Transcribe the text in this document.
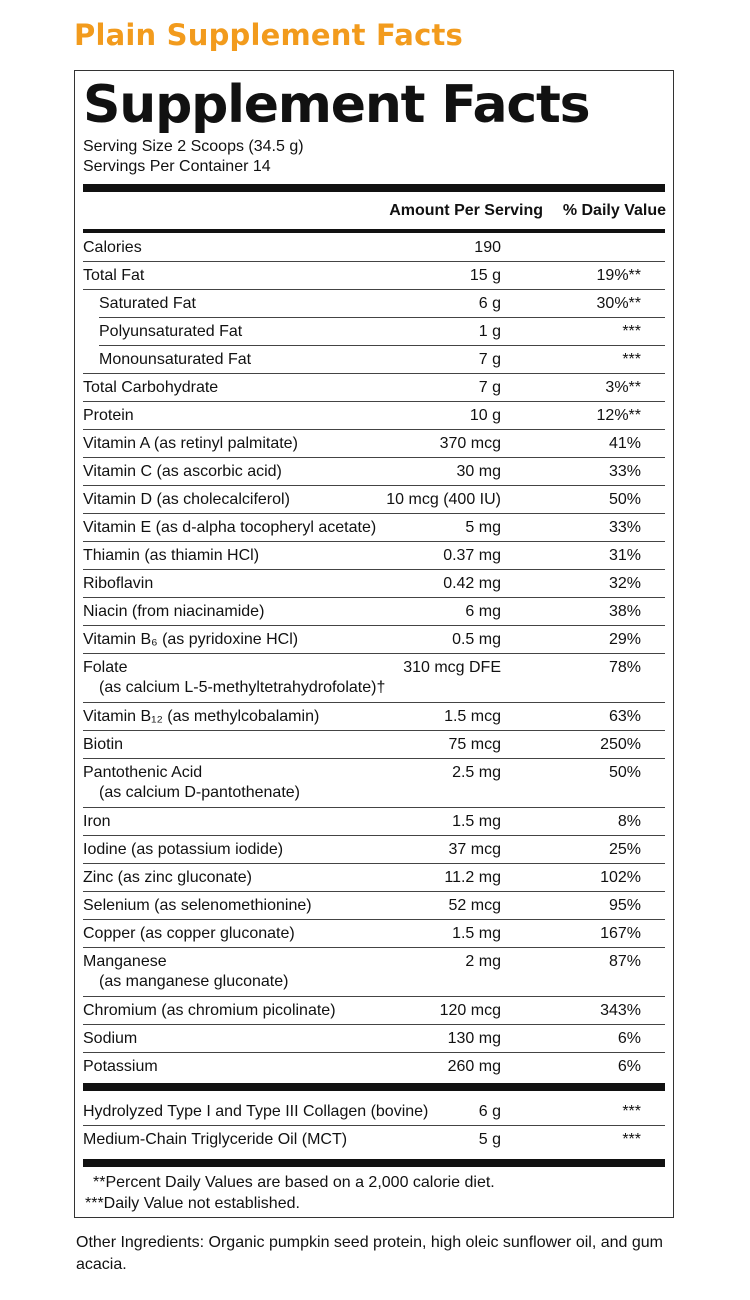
Plain Supplement Facts
Supplement Facts
Serving Size 2 Scoops (34.5 g)
Servings Per Container 14
Amount Per Serving % Daily Value
Calories	190
Total Fat	15 g	19%**
Saturated Fat	6 g	30%**
Polyunsaturated Fat	1 g	***
Monounsaturated Fat	7 g	***
Total Carbohydrate	7 g	3%**
Protein	10 g	12%**
Vitamin A (as retinyl palmitate)	370 mcg	41%
Vitamin C (as ascorbic acid)	30 mg	33%
Vitamin D (as cholecalciferol)	10 mcg (400 IU)	50%
Vitamin E (as d-alpha tocopheryl acetate)	5 mg	33%
Thiamin (as thiamin HCl)	0.37 mg	31%
Riboflavin	0.42 mg	32%
Niacin (from niacinamide)	6 mg	38%
Vitamin B₆ (as pyridoxine HCl)	0.5 mg	29%
Folate
(as calcium L-5-methyltetrahydrofolate)†
310 mcg DFE	78%
Vitamin B₁₂ (as methylcobalamin)	1.5 mcg	63%
Biotin	75 mcg	250%
Pantothenic Acid
(as calcium D-pantothenate)
2.5 mg	50%
Iron	1.5 mg	8%
Iodine (as potassium iodide)	37 mcg	25%
Zinc (as zinc gluconate)	11.2 mg	102%
Selenium (as selenomethionine)	52 mcg	95%
Copper (as copper gluconate)	1.5 mg	167%
Manganese
(as manganese gluconate)
2 mg	87%
Chromium (as chromium picolinate)	120 mcg	343%
Sodium	130 mg	6%
Potassium	260 mg	6%
Hydrolyzed Type I and Type III Collagen (bovine)	6 g	***
Medium-Chain Triglyceride Oil (MCT)	5 g	***
**Percent Daily Values are based on a 2,000 calorie diet.
***Daily Value not established.
Other Ingredients: Organic pumpkin seed protein, high oleic sunflower oil, and gum acacia.
